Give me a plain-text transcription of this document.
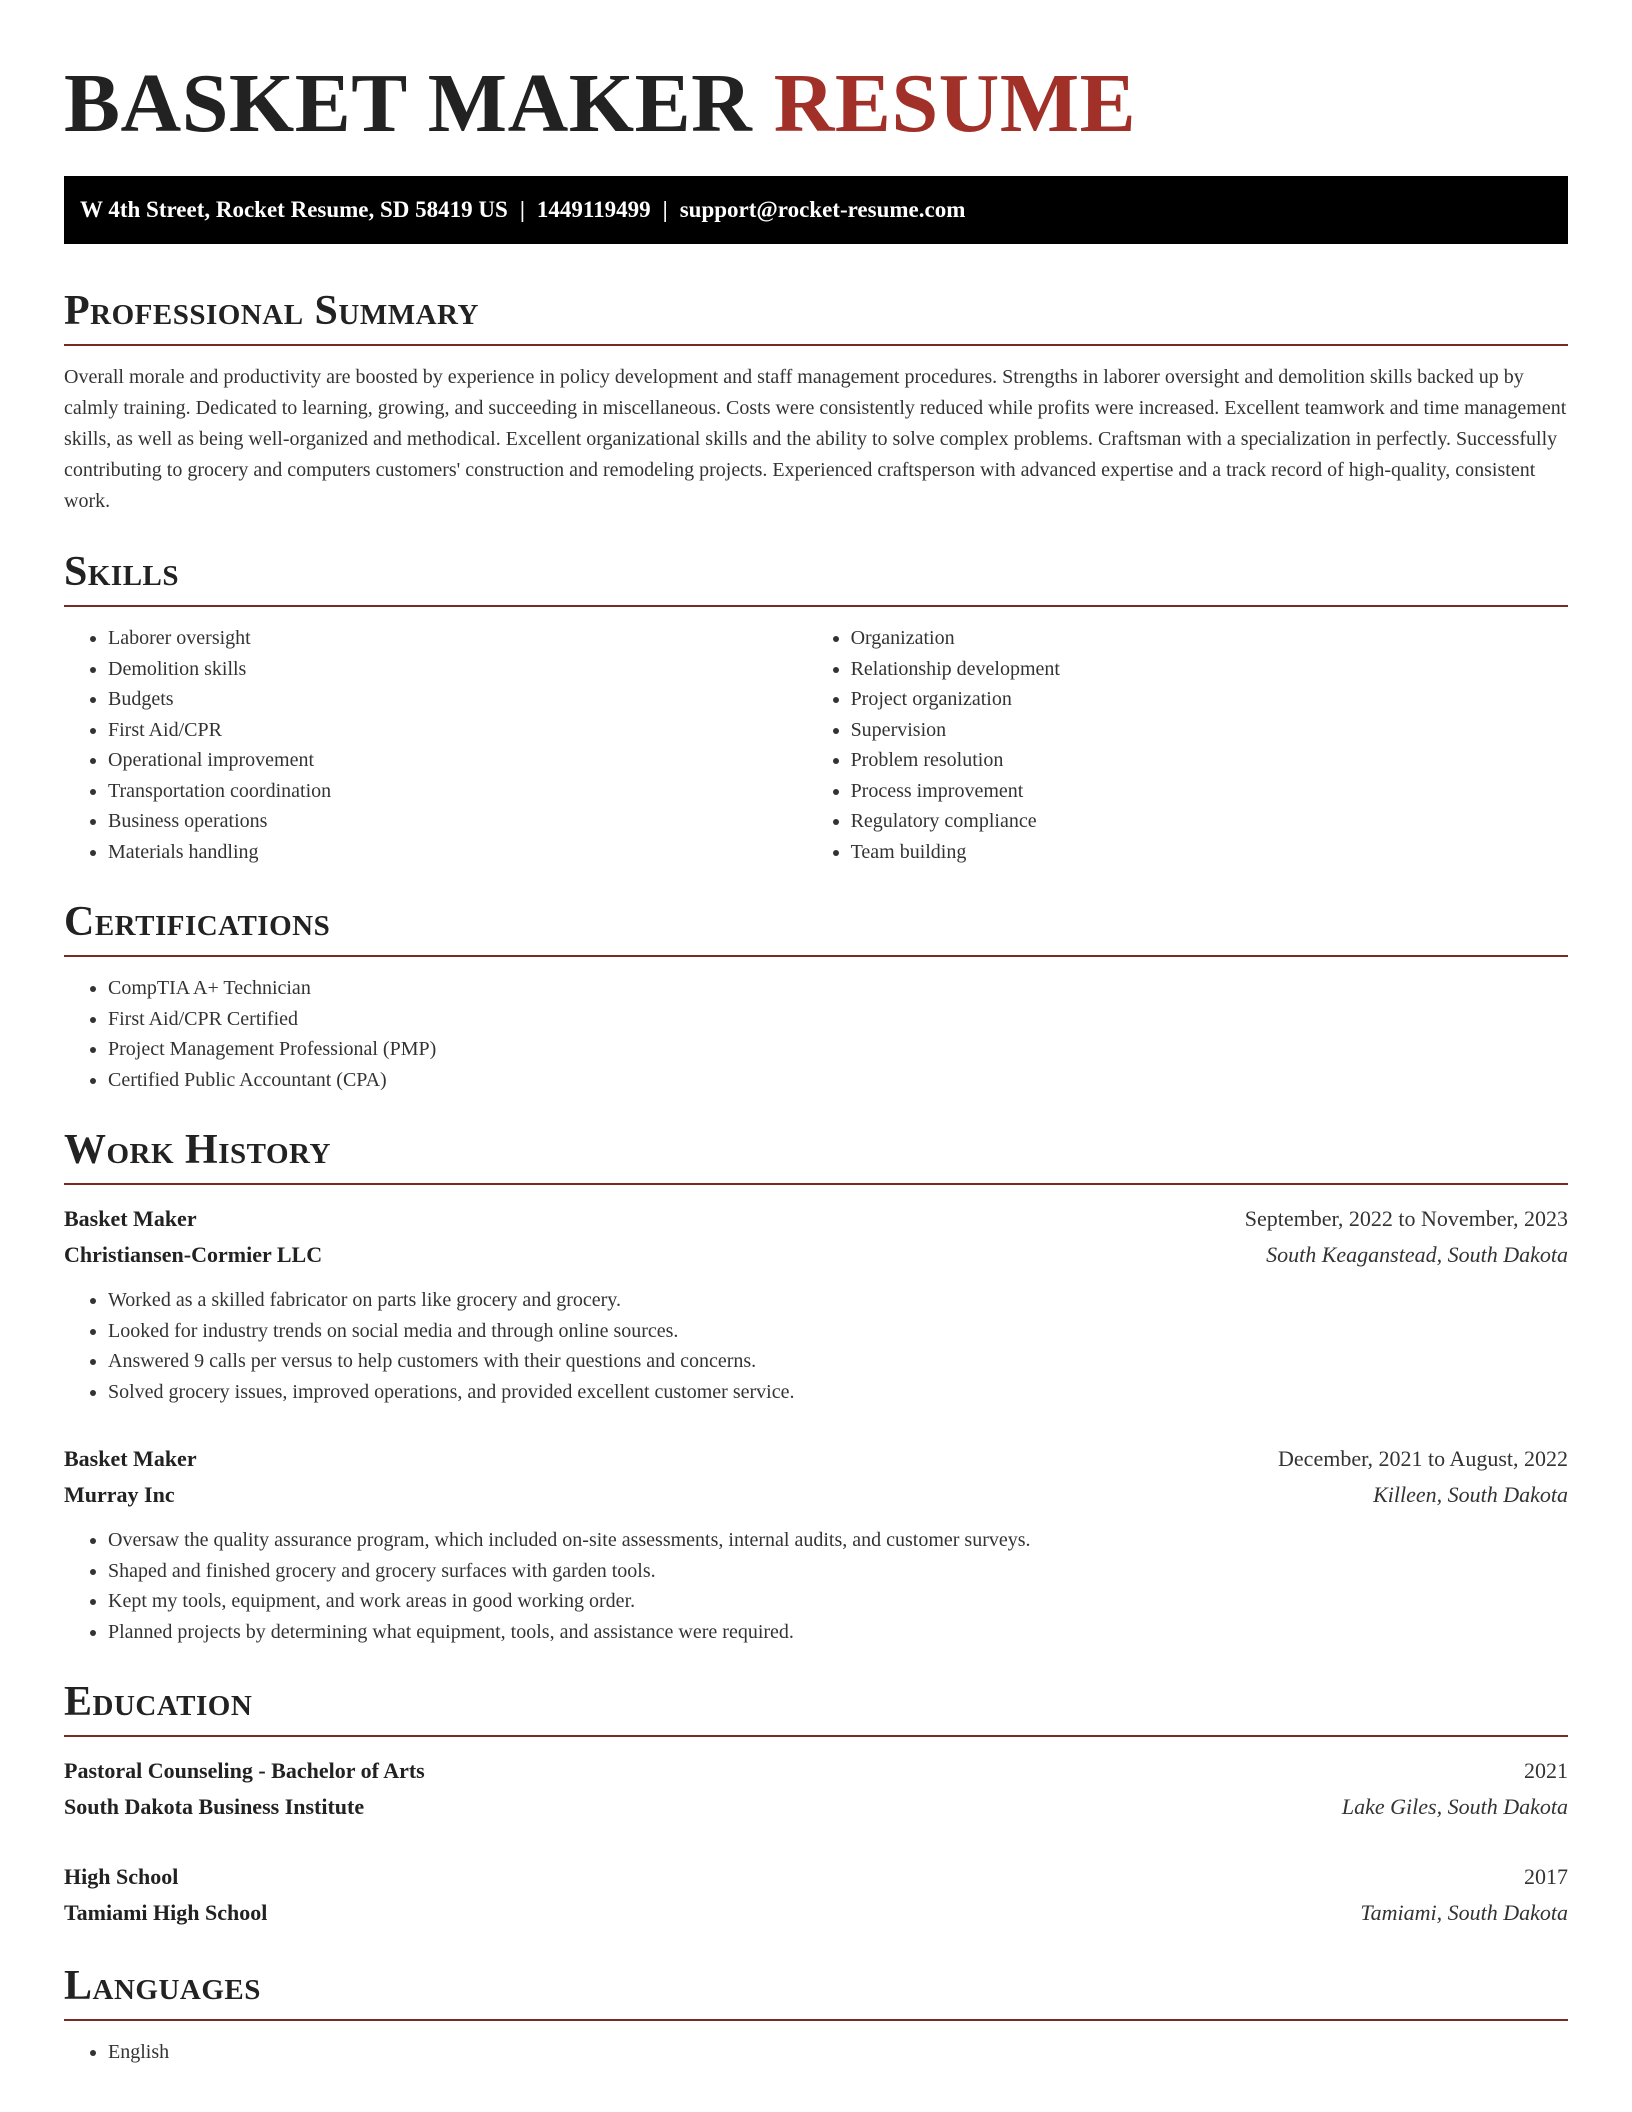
BASKET MAKER RESUME
W 4th Street, Rocket Resume, SD 58419 US | 1449119499 | support@rocket-resume.com
Professional Summary

Overall morale and productivity are boosted by experience in policy development and staff management procedures. Strengths in laborer oversight and demolition skills backed up by calmly training. Dedicated to learning, growing, and succeeding in miscellaneous. Costs were consistently reduced while profits were increased. Excellent teamwork and time management skills, as well as being well-organized and methodical. Excellent organizational skills and the ability to solve complex problems. Craftsman with a specialization in perfectly. Successfully contributing to grocery and computers customers' construction and remodeling projects. Experienced craftsperson with advanced expertise and a track record of high-quality, consistent work.

Skills
• Laborer oversight
• Demolition skills
• Budgets
• First Aid/CPR
• Operational improvement
• Transportation coordination
• Business operations
• Materials handling
• Organization
• Relationship development
• Project organization
• Supervision
• Problem resolution
• Process improvement
• Regulatory compliance
• Team building
Certifications
• CompTIA A+ Technician
• First Aid/CPR Certified
• Project Management Professional (PMP)
• Certified Public Accountant (CPA)
Work History
Basket Maker	September, 2022 to November, 2023
Christiansen-Cormier LLC	South Keaganstead, South Dakota
• Worked as a skilled fabricator on parts like grocery and grocery.
• Looked for industry trends on social media and through online sources.
• Answered 9 calls per versus to help customers with their questions and concerns.
• Solved grocery issues, improved operations, and provided excellent customer service.
Basket Maker	December, 2021 to August, 2022
Murray Inc	Killeen, South Dakota
• Oversaw the quality assurance program, which included on-site assessments, internal audits, and customer surveys.
• Shaped and finished grocery and grocery surfaces with garden tools.
• Kept my tools, equipment, and work areas in good working order.
• Planned projects by determining what equipment, tools, and assistance were required.
Education
Pastoral Counseling - Bachelor of Arts	2021
South Dakota Business Institute	Lake Giles, South Dakota
High School	2017
Tamiami High School	Tamiami, South Dakota
Languages
• English
